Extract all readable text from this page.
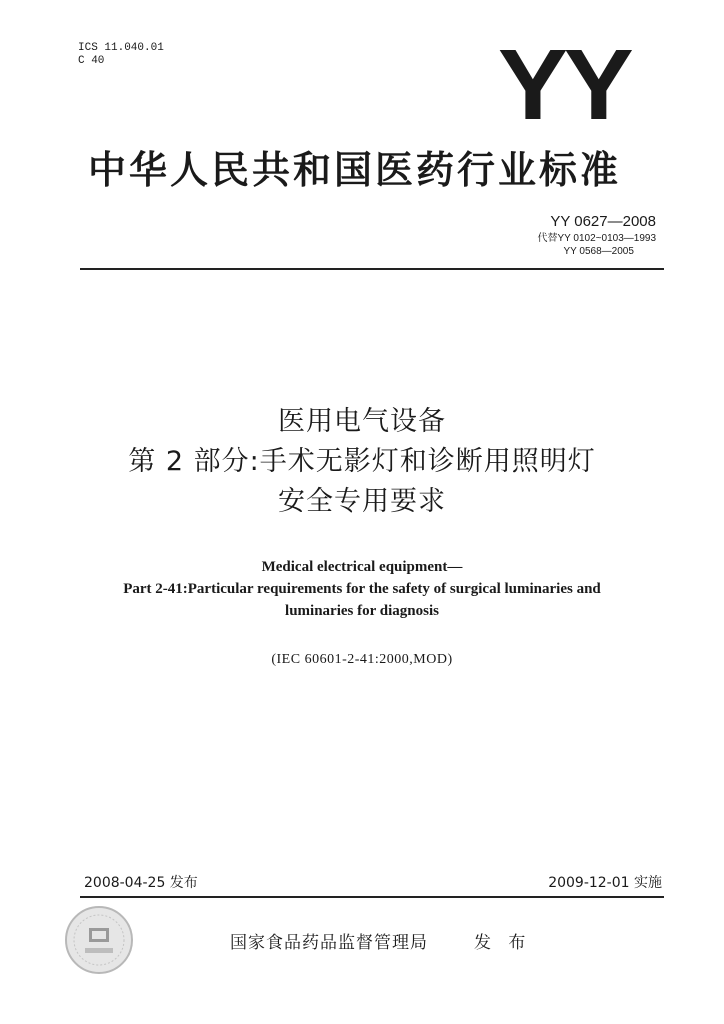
ICS 11.040.01
C 40	YY
中华人民共和国医药行业标准
YY 0627—2008
代替YY 0102~0103—1993
YY 0568—2005
医用电气设备
第 2 部分:手术无影灯和诊断用照明灯
安全专用要求
Medical electrical equipment—
Part 2-41:Particular requirements for the safety of surgical luminaries and
luminaries for diagnosis
(IEC 60601-2-41:2000,MOD)
2008-04-25 发布	2009-12-01 实施
国家食品药品监督管理局	发 布
